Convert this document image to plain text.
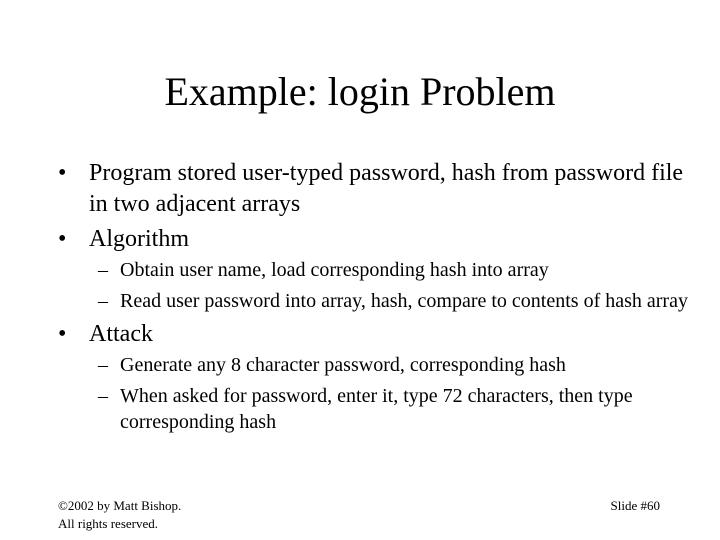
Example: login Problem
• Program stored user-typed password, hash from password file in two adjacent arrays
• Algorithm
– Obtain user name, load corresponding hash into array
– Read user password into array, hash, compare to contents of hash array
• Attack
– Generate any 8 character password, corresponding hash
– When asked for password, enter it, type 72 characters, then type corresponding hash
©2002 by Matt Bishop.
All rights reserved.
Slide #60
